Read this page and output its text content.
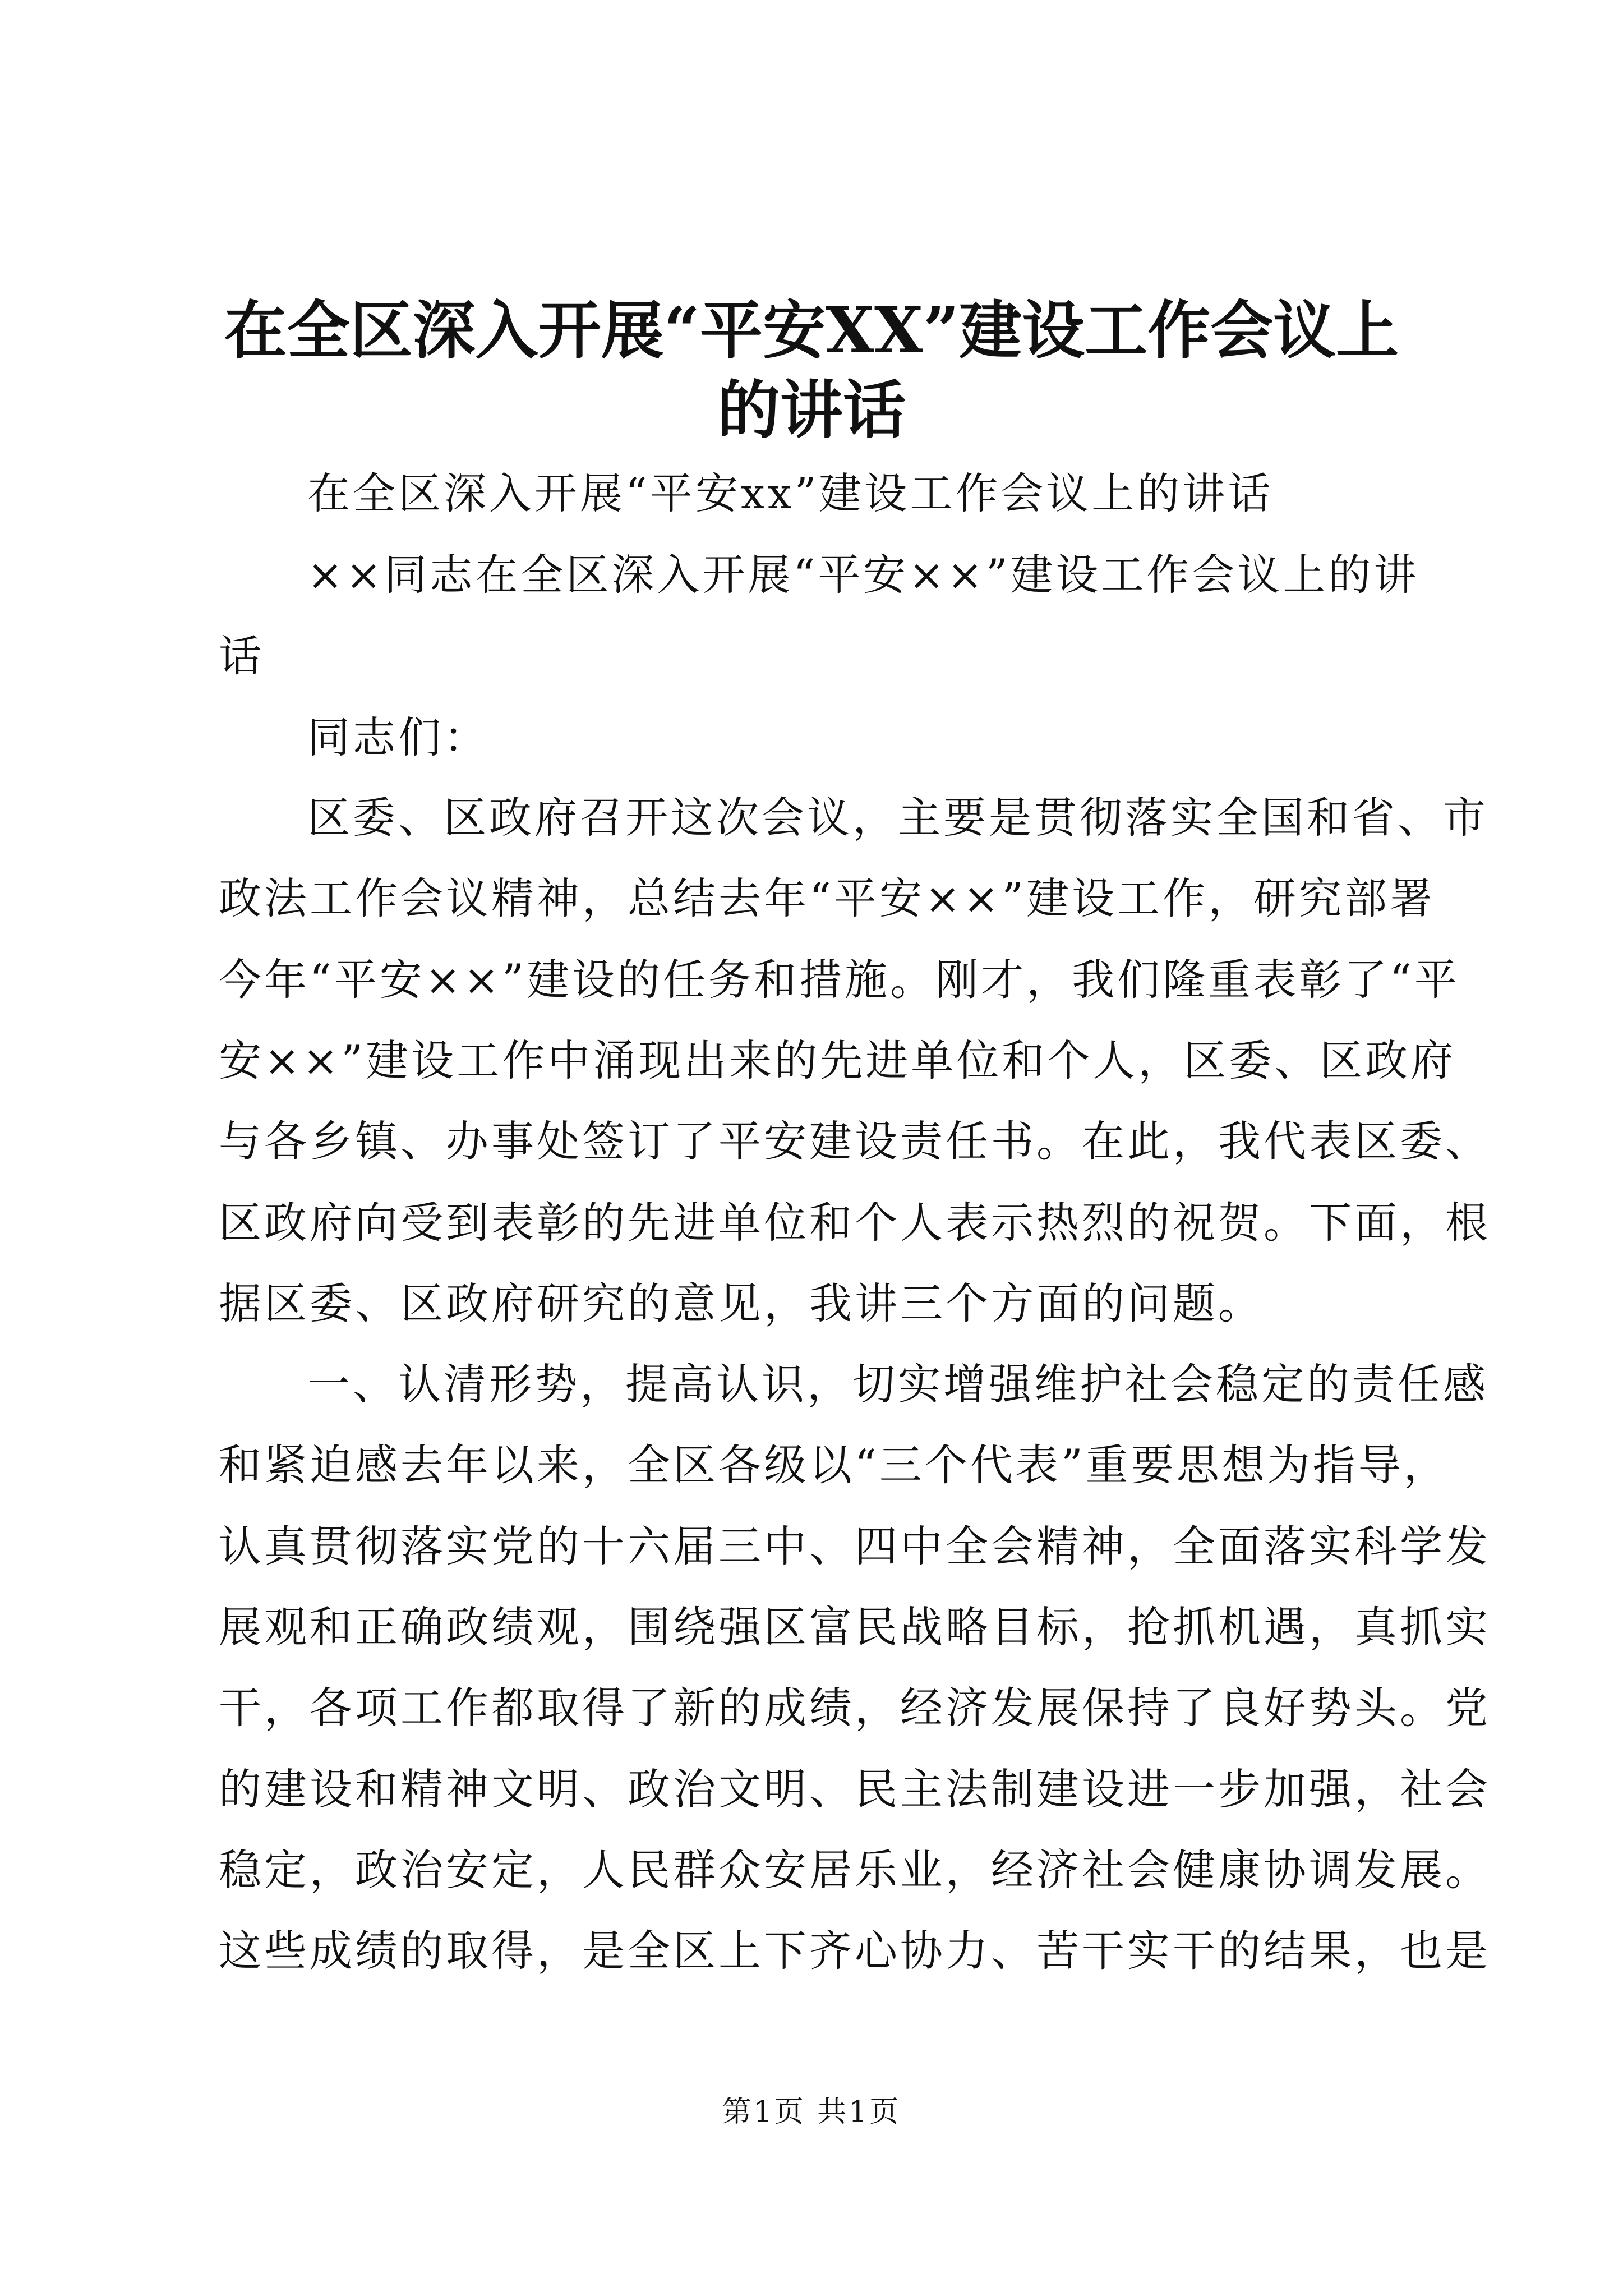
在全区深入开展“平安XX”建设工作会议上
的讲话

在全区深入开展“平安xx”建设工作会议上的讲话

××同志在全区深入开展“平安××”建设工作会议上的讲

话

同志们：

区委、区政府召开这次会议，主要是贯彻落实全国和省、市

政法工作会议精神，总结去年“平安××”建设工作，研究部署

今年“平安××”建设的任务和措施。刚才，我们隆重表彰了“平

安××”建设工作中涌现出来的先进单位和个人，区委、区政府

与各乡镇、办事处签订了平安建设责任书。在此，我代表区委、

区政府向受到表彰的先进单位和个人表示热烈的祝贺。下面，根

据区委、区政府研究的意见，我讲三个方面的问题。

一、认清形势，提高认识，切实增强维护社会稳定的责任感

和紧迫感去年以来，全区各级以“三个代表”重要思想为指导，

认真贯彻落实党的十六届三中、四中全会精神，全面落实科学发

展观和正确政绩观，围绕强区富民战略目标，抢抓机遇，真抓实

干，各项工作都取得了新的成绩，经济发展保持了良好势头。党

的建设和精神文明、政治文明、民主法制建设进一步加强，社会

稳定，政治安定，人民群众安居乐业，经济社会健康协调发展。

这些成绩的取得，是全区上下齐心协力、苦干实干的结果，也是

第1页 共1页
